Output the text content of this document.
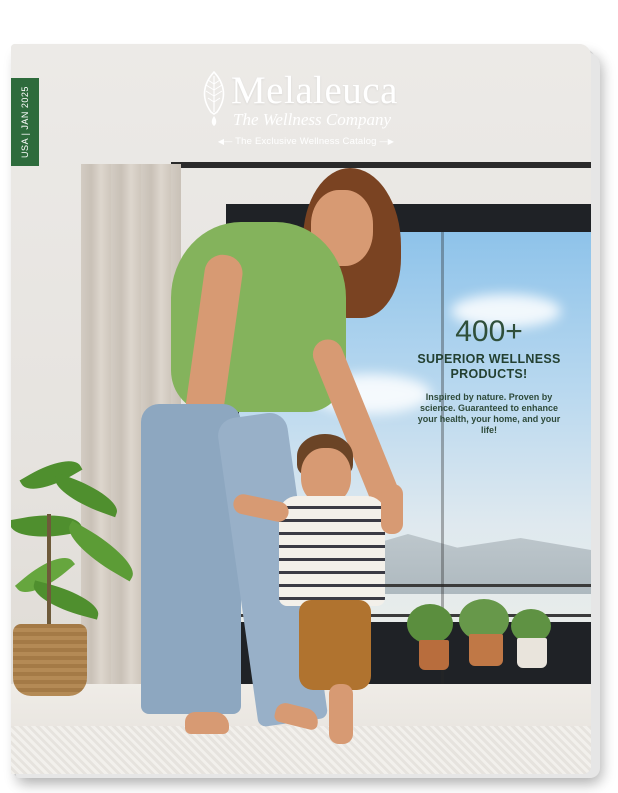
USA | JAN 2025	Melaleuca
The Wellness Company
◀— The Exclusive Wellness Catalog —▶
400+
SUPERIOR WELLNESS
PRODUCTS!
Inspired by nature. Proven by science. Guaranteed to enhance your health, your home, and your life!
